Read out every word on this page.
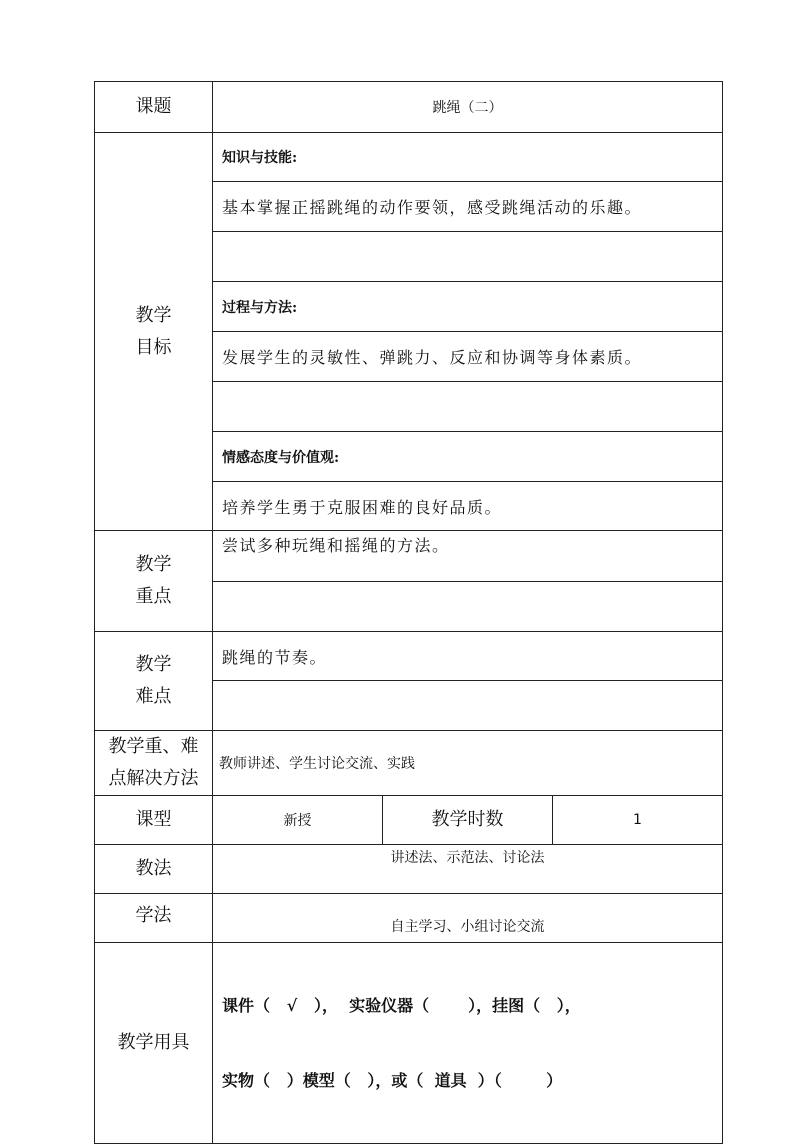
课题	跳绳（二）		

教学
目标	知识与技能:		
	基本掌握正摇跳绳的动作要领，感受跳绳活动的乐趣。		

	过程与方法:		
	发展学生的灵敏性、弹跳力、反应和协调等身体素质。		

	情感态度与价值观:		
	培养学生勇于克服困难的良好品质。		

教学
重点	尝试多种玩绳和摇绳的方法。		

教学
难点	跳绳的节奏。		

教学重、难
点解决方法	教师讲述、学生讨论交流、实践		
课型	新授	教学时数	1
教法	讲述法、示范法、讨论法		
学法	自主学习、小组讨论交流		
教学用具	课件（   √   ），  实验仪器（       ），挂图（   ），

实物（   ）模型（   ），或（  道具  ）（        ）		
